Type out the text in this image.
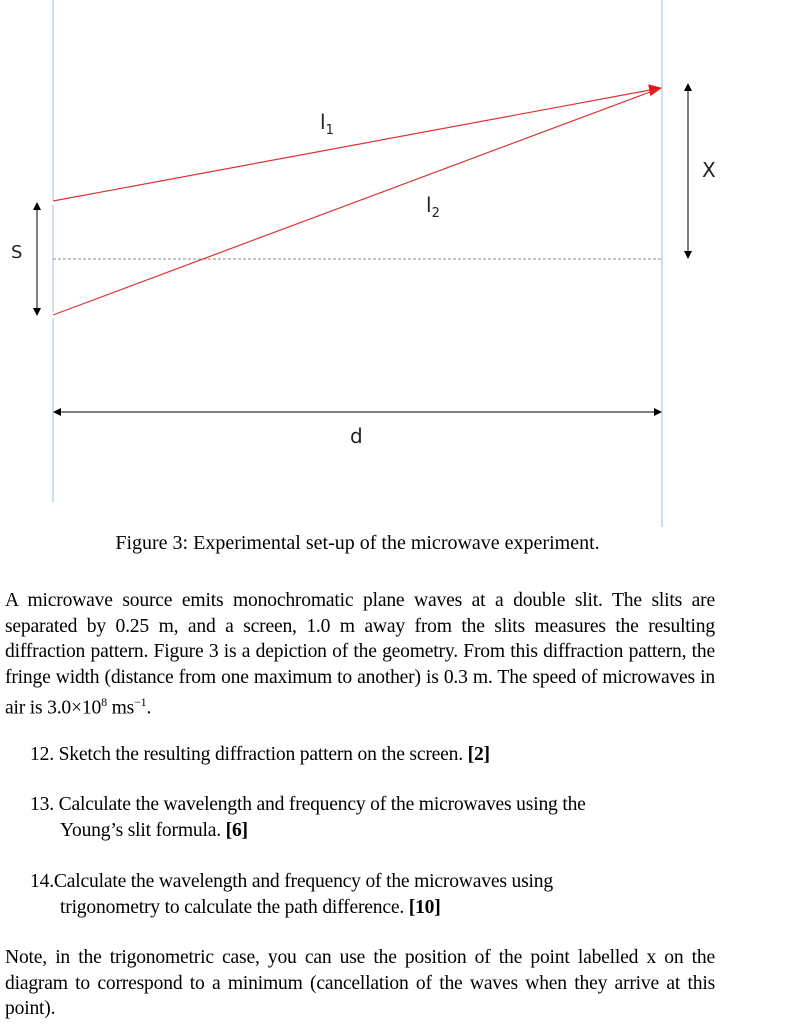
$l_1$
$l_2$
X
S
d
Figure 3: Experimental set-up of the microwave experiment.
A microwave source emits monochromatic plane waves at a double slit. The slits are separated by 0.25 m, and a screen, 1.0 m away from the slits measures the resulting diffraction pattern. Figure 3 is a depiction of the geometry. From this diffraction pattern, the fringe width (distance from one maximum to another) is 0.3 m. The speed of microwaves in air is $3.0\times 10^8$ $ms^{-1}$.
12. Sketch the resulting diffraction pattern on the screen. [2]
13. Calculate the wavelength and frequency of the microwaves using the
Young’s slit formula. [6]
14.Calculate the wavelength and frequency of the microwaves using
trigonometry to calculate the path difference. [10]
Note, in the trigonometric case, you can use the position of the point labelled x on the diagram to correspond to a minimum (cancellation of the waves when they arrive at this point).
